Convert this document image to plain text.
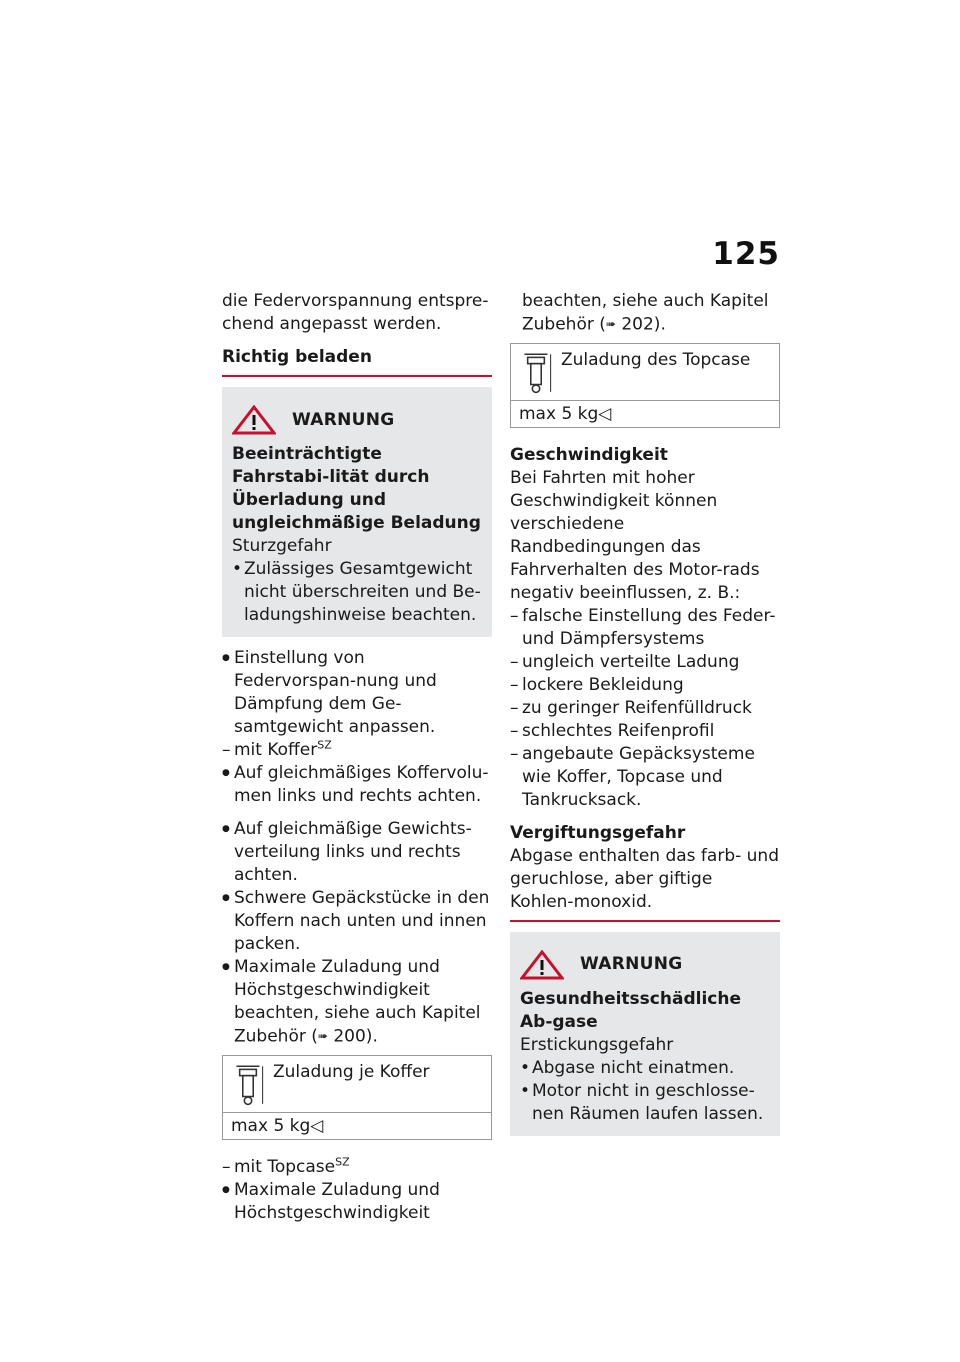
125

die Federvorspannung entspre-chend angepasst werden.

Richtig beladen
WARNUNG
Beeinträchtigte Fahrstabi-lität durch Überladung und ungleichmäßige Beladung
Sturzgefahr
• Zulässiges Gesamtgewicht nicht überschreiten und Be-ladungshinweise beachten.
● Einstellung von Federvorspan-nung und Dämpfung dem Ge-samtgewicht anpassen.
– mit Koffer$^{SZ}$
● Auf gleichmäßiges Koffervolu-men links und rechts achten.
● Auf gleichmäßige Gewichts-verteilung links und rechts achten.
● Schwere Gepäckstücke in den Koffern nach unten und innen packen.
● Maximale Zuladung und Höchstgeschwindigkeit beachten, siehe auch Kapitel Zubehör (➠ 200).
Zuladung je Koffer
max 5 kg◁
– mit Topcase$^{SZ}$
● Maximale Zuladung und Höchstgeschwindigkeit
beachten, siehe auch Kapitel Zubehör (➠ 202).
Zuladung des Topcase
max 5 kg◁
Geschwindigkeit
Bei Fahrten mit hoher Geschwindigkeit können verschiedene Randbedingungen das Fahrverhalten des Motor-rads negativ beeinflussen, z. B.:
– falsche Einstellung des Feder-und Dämpfersystems
– ungleich verteilte Ladung
– lockere Bekleidung
– zu geringer Reifenfülldruck
– schlechtes Reifenprofil
– angebaute Gepäcksysteme wie Koffer, Topcase und Tankrucksack.
Vergiftungsgefahr
Abgase enthalten das farb- und geruchlose, aber giftige Kohlen-monoxid.
WARNUNG
Gesundheitsschädliche Ab-gase
Erstickungsgefahr
• Abgase nicht einatmen.
• Motor nicht in geschlosse-nen Räumen laufen lassen.
